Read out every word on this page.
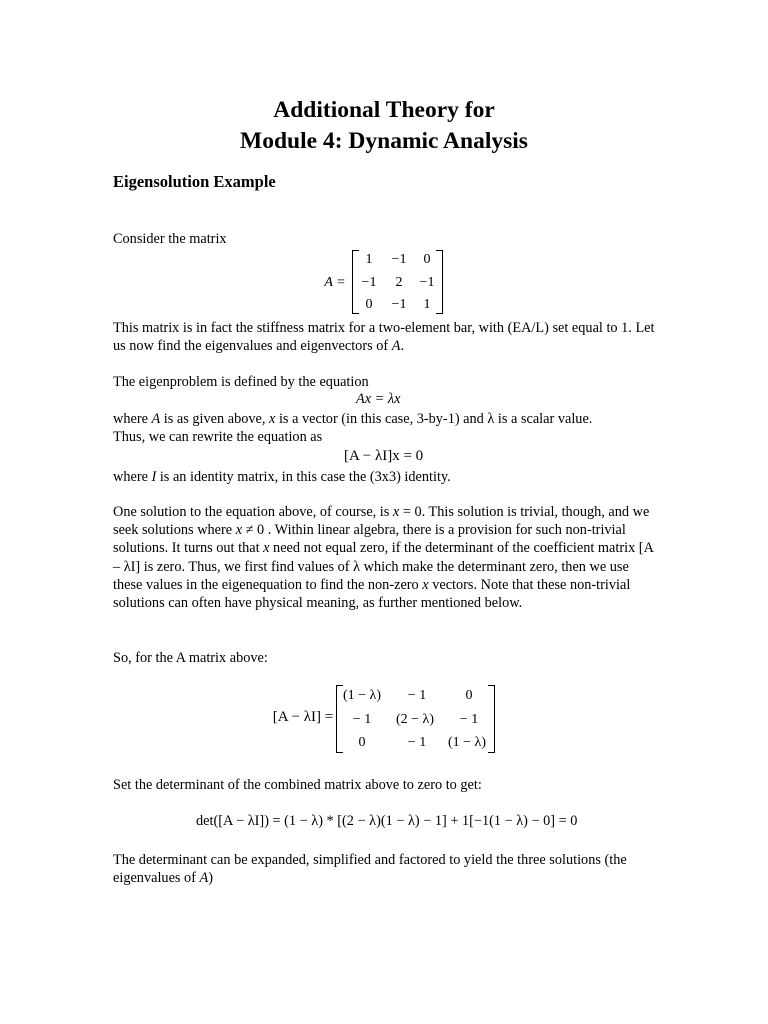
Additional Theory for
Module 4: Dynamic Analysis
Eigensolution Example
Consider the matrix
A =
1	−1	0
−1	2	−1
0	−1	1
This matrix is in fact the stiffness matrix for a two-element bar, with (EA/L) set equal to 1. Let us now find the eigenvalues and eigenvectors of A.
The eigenproblem is defined by the equation
Ax = λx
where A is as given above, x is a vector (in this case, 3-by-1) and λ is a scalar value.
Thus, we can rewrite the equation as
[A − λI]x = 0
where I is an identity matrix, in this case the (3x3) identity.
One solution to the equation above, of course, is x = 0. This solution is trivial, though, and we seek solutions where x ≠ 0 . Within linear algebra, there is a provision for such non-trivial solutions. It turns out that x need not equal zero, if the determinant of the coefficient matrix [A – λI] is zero. Thus, we first find values of λ which make the determinant zero, then we use these values in the eigenequation to find the non-zero x vectors. Note that these non-trivial solutions can often have physical meaning, as further mentioned below.
So, for the A matrix above:
[A − λI] =
(1 − λ)	− 1	0
− 1	(2 − λ)	− 1
0	− 1	(1 − λ)
Set the determinant of the combined matrix above to zero to get:
det([A − λI]) = (1 − λ) * [(2 − λ)(1 − λ) − 1] + 1[−1(1 − λ) − 0] = 0
The determinant can be expanded, simplified and factored to yield the three solutions (the eigenvalues of A)
